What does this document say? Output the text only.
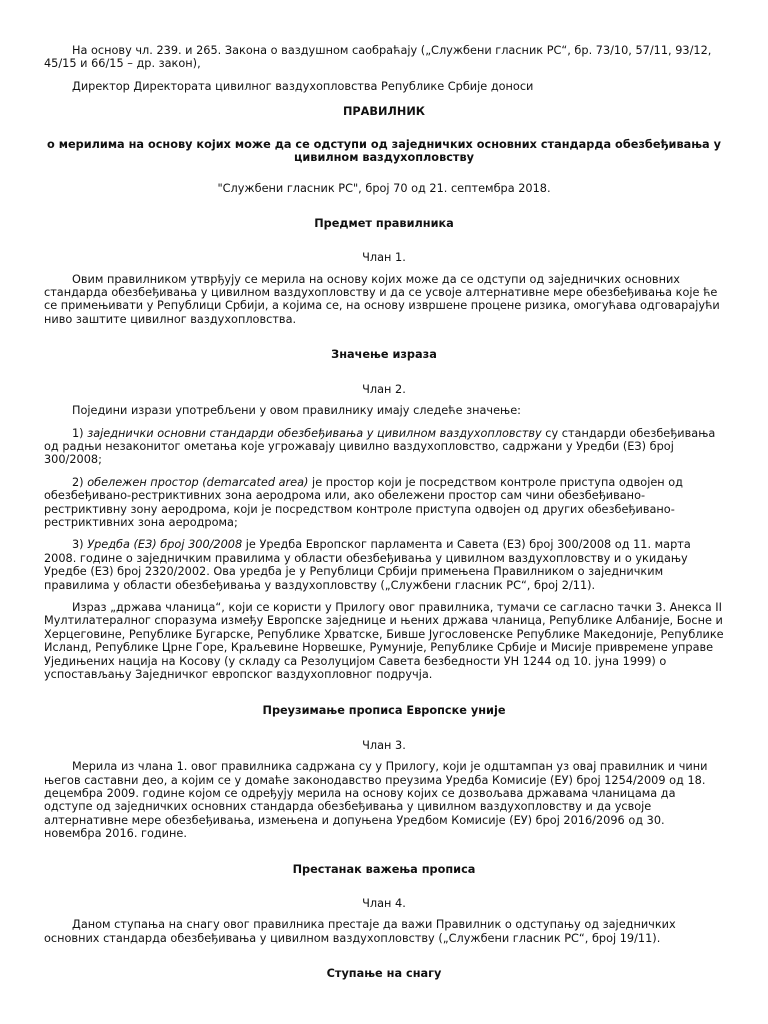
На основу чл. 239. и 265. Закона о ваздушном саобраћају („Службени гласник РС“, бр. 73/10, 57/11, 93/12, 45/15 и 66/15 – др. закон),

Директор Директората цивилног ваздухопловства Републике Србије доноси

ПРАВИЛНИК

о мерилима на основу којих може да се одступи од заједничких основних стандарда обезбеђивања у цивилном ваздухопловству

"Службени гласник РС", број 70 од 21. септембра 2018.

Предмет правилника

Члан 1.

Овим правилником утврђују се мерила на основу којих може да се одступи од заједничких основних стандарда обезбеђивања у цивилном ваздухопловству и да се усвоје алтернативне мере обезбеђивања које ће се примењивати у Републици Србији, а којима се, на основу извршене процене ризика, омогућава одговарајући ниво заштите цивилног ваздухопловства.

Значење израза

Члан 2.

Поједини изрази употребљени у овом правилнику имају следеће значење:

1) заједнички основни стандарди обезбеђивања у цивилном ваздухопловству су стандарди обезбеђивања од радњи незаконитог ометања које угрожавају цивилно ваздухопловство, садржани у Уредби (ЕЗ) број 300/2008;

2) обележен простор (demarcated area) је простор који је посредством контроле приступа одвојен од обезбеђивано-рестриктивних зона аеродрома или, ако обележени простор сам чини обезбеђивано-рестриктивну зону аеродрома, који је посредством контроле приступа одвојен од других обезбеђивано-рестриктивних зона аеродрома;

3) Уредба (ЕЗ) број 300/2008 је Уредба Европског парламента и Савета (ЕЗ) број 300/2008 од 11. марта 2008. године о заједничким правилима у области обезбеђивања у цивилном ваздухопловству и о укидању Уредбе (ЕЗ) број 2320/2002. Ова уредба је у Републици Србији примењена Правилником о заједничким правилима у области обезбеђивања у ваздухопловству („Службени гласник РС“, број 2/11).

Израз „држава чланица“, који се користи у Прилогу овог правилника, тумачи се сагласно тачки 3. Анекса II Мултилатералног споразума између Европске заједнице и њених држава чланица, Републике Албаније, Босне и Херцеговине, Републике Бугарске, Републике Хрватске, Бивше Југословенске Републике Македоније, Републике Исланд, Републике Црне Горе, Краљевине Норвешке, Румуније, Републике Србије и Мисије привремене управе Уједињених нација на Косову (у складу са Резолуцијом Савета безбедности УН 1244 од 10. јуна 1999) о успостављању Заједничког европског ваздухопловног подручја.

Преузимање прописа Европске уније

Члан 3.

Мерила из члана 1. овог правилника садржана су у Прилогу, који је одштампан уз овај правилник и чини његов саставни део, а којим се у домаће законодавство преузима Уредба Комисије (ЕУ) број 1254/2009 од 18. децембра 2009. године којом се одређују мерила на основу којих се дозвољава државама чланицама да одступе од заједничких основних стандарда обезбеђивања у цивилном ваздухопловству и да усвоје алтернативне мере обезбеђивања, измењена и допуњена Уредбом Комисије (ЕУ) број 2016/2096 од 30. новембра 2016. године.

Престанак важења прописа

Члан 4.

Даном ступања на снагу овог правилника престаје да важи Правилник о одступању од заједничких основних стандарда обезбеђивања у цивилном ваздухопловству („Службени гласник РС“, број 19/11).

Ступање на снагу
